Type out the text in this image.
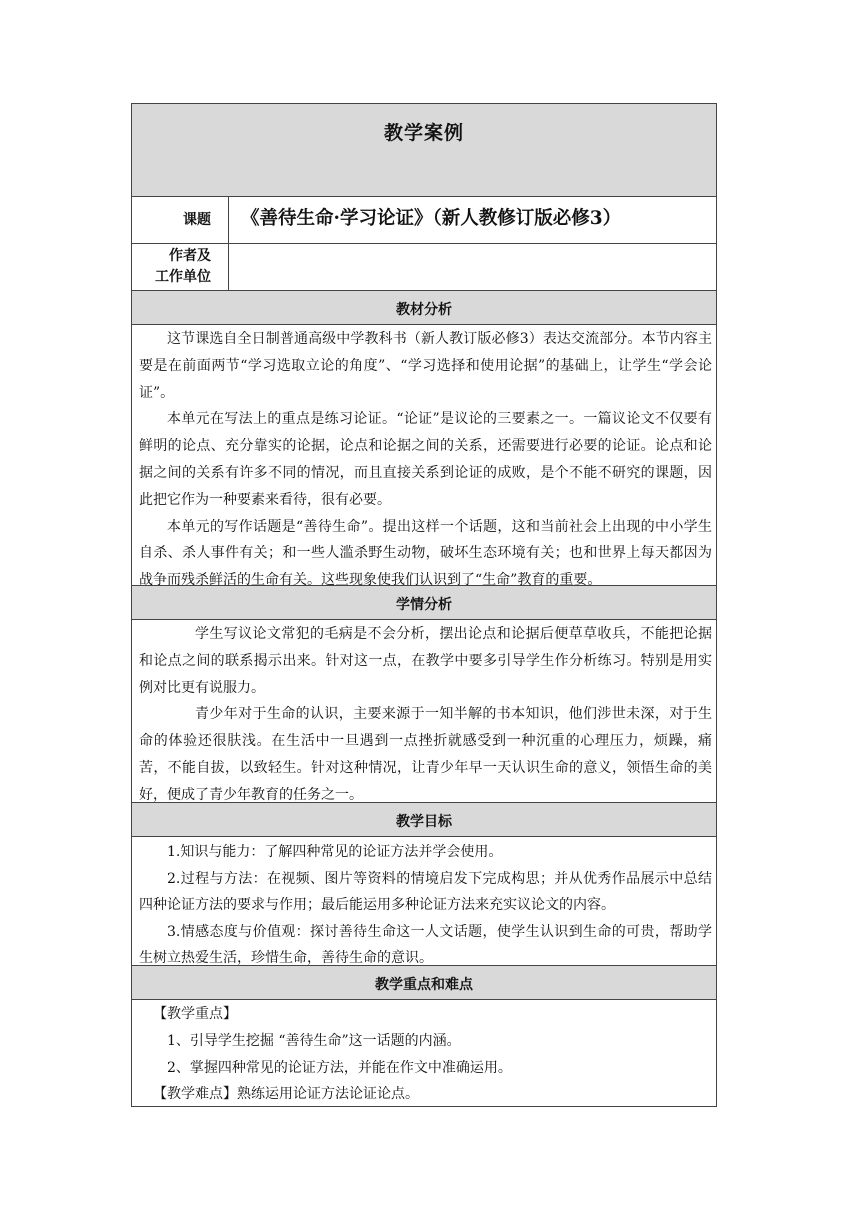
教学案例
课题	《善待生命·学习论证》（新人教修订版必修3）
作者及
工作单位
教材分析

这节课选自全日制普通高级中学教科书（新人教订版必修3）表达交流部分。本节内容主要是在前面两节“学习选取立论的角度”、“学习选择和使用论据”的基础上，让学生“学会论证”。

本单元在写法上的重点是练习论证。“论证”是议论的三要素之一。一篇议论文不仅要有鲜明的论点、充分靠实的论据，论点和论据之间的关系，还需要进行必要的论证。论点和论据之间的关系有许多不同的情况，而且直接关系到论证的成败，是个不能不研究的课题，因此把它作为一种要素来看待，很有必要。

本单元的写作话题是“善待生命”。提出这样一个话题，这和当前社会上出现的中小学生自杀、杀人事件有关；和一些人滥杀野生动物，破坏生态环境有关；也和世界上每天都因为战争而残杀鲜活的生命有关。这些现象使我们认识到了“生命”教育的重要。

学情分析

学生写议论文常犯的毛病是不会分析，摆出论点和论据后便草草收兵，不能把论据和论点之间的联系揭示出来。针对这一点，在教学中要多引导学生作分析练习。特别是用实例对比更有说服力。

青少年对于生命的认识，主要来源于一知半解的书本知识，他们涉世未深，对于生命的体验还很肤浅。在生活中一旦遇到一点挫折就感受到一种沉重的心理压力，烦躁，痛苦，不能自拔，以致轻生。针对这种情况，让青少年早一天认识生命的意义，领悟生命的美好，便成了青少年教育的任务之一。

教学目标

1.知识与能力：了解四种常见的论证方法并学会使用。

2.过程与方法：在视频、图片等资料的情境启发下完成构思；并从优秀作品展示中总结四种论证方法的要求与作用；最后能运用多种论证方法来充实议论文的内容。

3.情感态度与价值观：探讨善待生命这一人文话题，使学生认识到生命的可贵，帮助学生树立热爱生活，珍惜生命，善待生命的意识。

教学重点和难点

【教学重点】

1、引导学生挖掘 “善待生命”这一话题的内涵。

2、掌握四种常见的论证方法，并能在作文中准确运用。

【教学难点】熟练运用论证方法论证论点。
